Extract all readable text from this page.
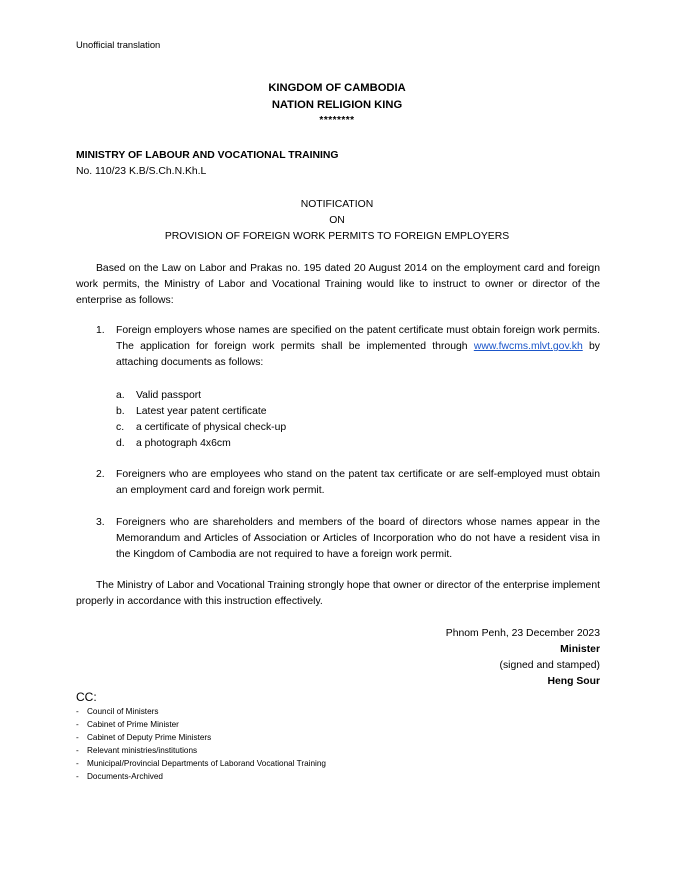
Unofficial translation
KINGDOM OF CAMBODIA
NATION RELIGION KING
********
MINISTRY OF LABOUR AND VOCATIONAL TRAINING
No. 110/23 K.B/S.Ch.N.Kh.L
NOTIFICATION
ON
PROVISION OF FOREIGN WORK PERMITS TO FOREIGN EMPLOYERS
Based on the Law on Labor and Prakas no. 195 dated 20 August 2014 on the employment card and foreign work permits, the Ministry of Labor and Vocational Training would like to instruct to owner or director of the enterprise as follows:
1. Foreign employers whose names are specified on the patent certificate must obtain foreign work permits. The application for foreign work permits shall be implemented through www.fwcms.mlvt.gov.kh by attaching documents as follows:
a.	Valid passport
b.	Latest year patent certificate
c.	a certificate of physical check-up
d.	a photograph 4x6cm
2. Foreigners who are employees who stand on the patent tax certificate or are self-employed must obtain an employment card and foreign work permit.
3. Foreigners who are shareholders and members of the board of directors whose names appear in the Memorandum and Articles of Association or Articles of Incorporation who do not have a resident visa in the Kingdom of Cambodia are not required to have a foreign work permit.
The Ministry of Labor and Vocational Training strongly hope that owner or director of the enterprise implement properly in accordance with this instruction effectively.
Phnom Penh, 23 December 2023
Minister
(signed and stamped)
Heng Sour
CC:
-	Council of Ministers
-	Cabinet of Prime Minister
-	Cabinet of Deputy Prime Ministers
-	Relevant ministries/institutions
-	Municipal/Provincial Departments of Laborand Vocational Training
-	Documents-Archived
